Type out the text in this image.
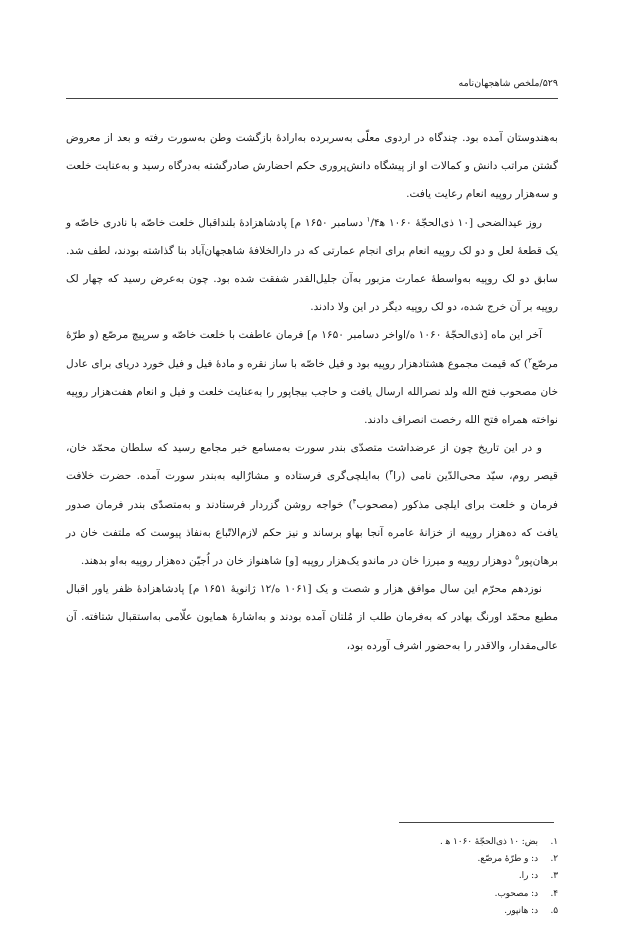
۵۲۹/ملخص شاهجهان‌نامه

به‌هندوستان آمده بود. چندگاه در اردوی معلّی به‌سربرده به‌ارادهٔ بازگشت وطن به‌سورت رفته و بعد از معروض گشتن مراتب دانش و کمالات او از پیشگاه دانش‌پروری حکم احضارش صادرگشته به‌درگاه رسید و به‌عنایت خلعت و سه‌هزار روپیه انعام رعایت یافت.

روز عیدالضحی [۱۰ ذی‌الحجّهٔ ۱۰۶۰ ه‍$^۱$/۴ دسامبر ۱۶۵۰ م] پادشاهزادهٔ بلنداقبال خلعت خاصّه با نادری خاصّه و یک قطعهٔ لعل و دو لک روپیه انعام برای انجام عمارتی که در دارالخلافهٔ شاهجهان‌آباد بنا گذاشته بودند، لطف شد. سابق دو لک روپیه به‌واسطهٔ عمارت مزبور به‌آن جلیل‌القدر شفقت شده بود. چون به‌عرض رسید که چهار لک روپیه بر آن خرج شده، دو لک روپیه دیگر در این ولا دادند.

آخر این ماه [ذی‌الحجّهٔ ۱۰۶۰ ه/اواخر دسامبر ۱۶۵۰ م] فرمان عاطفت با خلعت خاصّه و سرپیچ مرصّع (و طرّهٔ مرصّع$^۲$) که قیمت مجموع هشتادهزار روپیه بود و فیل خاصّه با ساز نقره و مادهٔ فیل و فیل خورد دریای برای عادل خان مصحوب فتح الله ولد نصرالله ارسال یافت و حاجب بیجاپور را به‌عنایت خلعت و فیل و انعام هفت‌هزار روپیه نواخته همراه فتح الله رخصت انصراف دادند.

و در این تاریخ چون از عرضداشت متصدّی بندر سورت به‌مسامع خبر مجامع رسید که سلطان محمّد خان، قیصر روم، سیّد محی‌الدّین نامی (را$^۳$) به‌ایلچی‌گری فرستاده و مشارٌالیه به‌بندر سورت آمده. حضرت خلافت فرمان و خلعت برای ایلچی مذکور (مصحوب$^۴$) خواجه روشن گزردار فرستادند و به‌متصدّی بندر فرمان صدور یافت که ده‌هزار روپیه از خزانهٔ عامره آنجا بهاو برساند و نیز حکم لازم‌الاتّباع به‌نفاذ پیوست که ملتفت خان در برهان‌پور$^۵$ دوهزار روپیه و میرزا خان در ماندو یک‌هزار روپیه [و] شاهنواز خان در اُجیّن ده‌هزار روپیه به‌او بدهند.

نوزدهم محرّم این سال موافق هزار و شصت و یک [۱۰۶۱ ه/۱۲ ژانویهٔ ۱۶۵۱ م] پادشاهزادهٔ ظفر یاور اقبال مطیع محمّد اورنگ بهادر که به‌فرمان طلب از مُلتان آمده بودند و به‌اشارهٔ همایون علّامی به‌استقبال شتافته. آن عالی‌مقدار، والاقدر را به‌حضور اشرف آورده بود،

۱.
بض: ۱۰ ذی‌الحجّهٔ ۱۰۶۰ ه‍ .
۲.
د: و طرّهٔ مرصّع.
۳.
د: را.
۴.
د: مصحوب.
۵.
د: هانپور.
